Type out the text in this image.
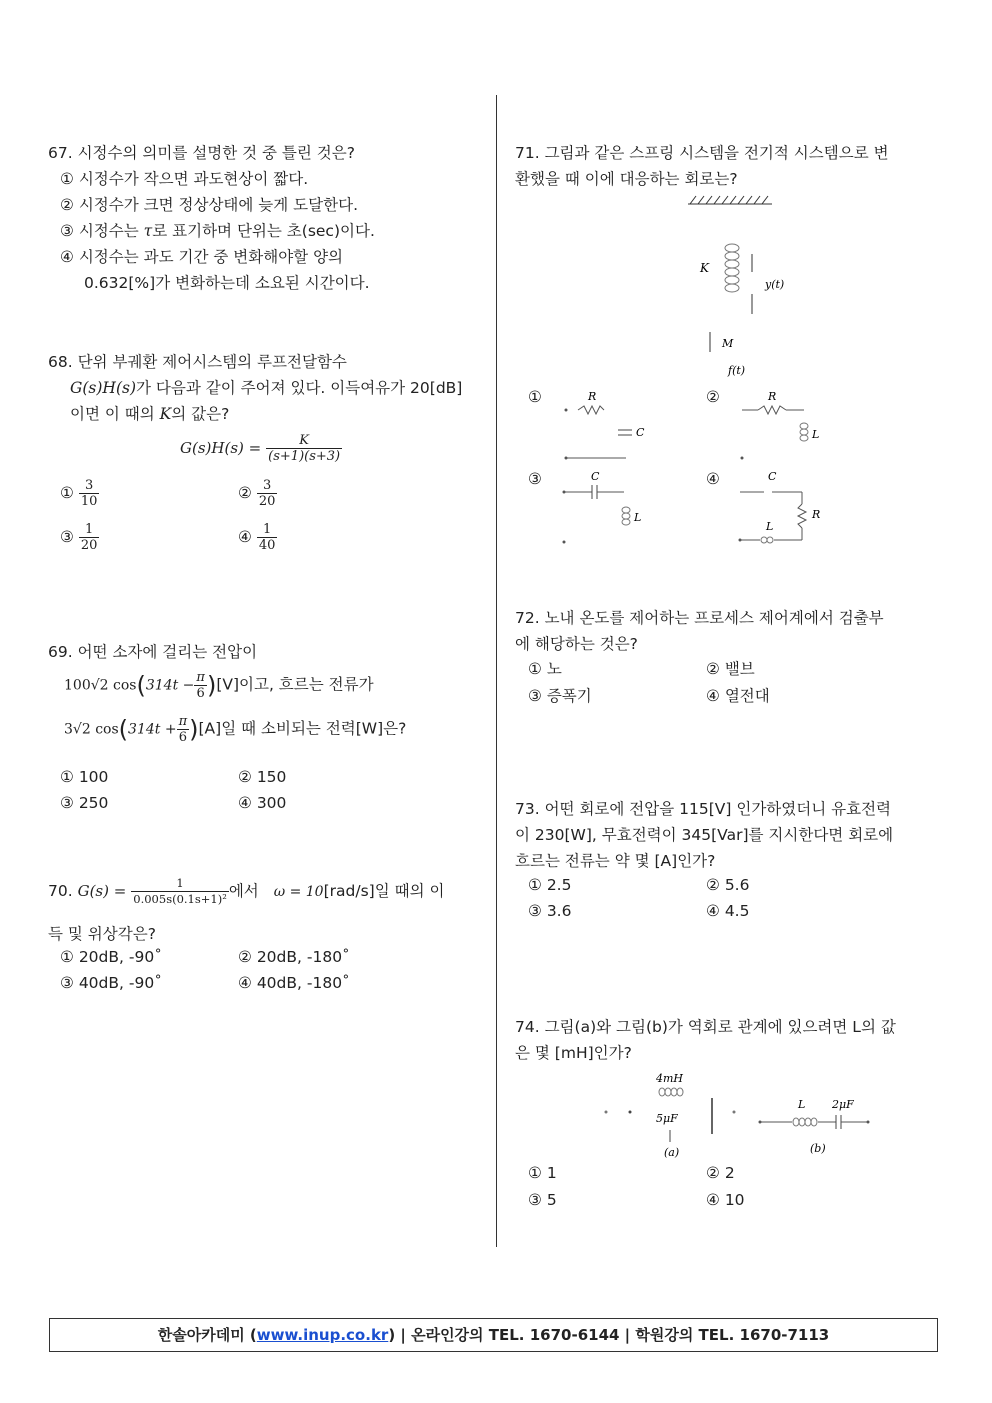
67. 시정수의 의미를 설명한 것 중 틀린 것은?
① 시정수가 작으면 과도현상이 짧다.
② 시정수가 크면 정상상태에 늦게 도달한다.
③ 시정수는 τ로 표기하며 단위는 초(sec)이다.
④ 시정수는 과도 기간 중 변화해야할 양의
0.632[%]가 변화하는데 소요된 시간이다.
68. 단위 부궤환 제어시스템의 루프전달함수
G(s)H(s)가 다음과 같이 주어져 있다. 이득여유가 20[dB]
이면 이 때의 K의 값은?
$G(s)H(s) = \frac{K}{(s+1)(s+3)}$
① $\frac{3}{10}$	② $\frac{3}{20}$
③ $\frac{1}{20}$	④ $\frac{1}{40}$
69. 어떤 소자에 걸리는 전압이
100√2 $\cos(314t - \frac{\pi}{6} )[V]$이고, 흐르는 전류가
3√2 $\cos(314t + \frac{\pi}{6} )[A]$일 때 소비되는 전력[W]은?
① 100	② 150
③ 250	④ 300
70. $G(s) = \frac{1}{\text{0.005s(0.1s+1)²}}$ 에서 ω = 10[rad/s]일 때의 이
득 및 위상각은?
① 20dB, -90˚	② 20dB, -180˚
③ 40dB, -90˚	④ 40dB, -180˚
71. 그림과 같은 스프링 시스템을 전기적 시스템으로 변
환했을 때 이에 대응하는 회로는?
K
y(t)
M
f(t)
①	R
C
②	R
L
③	C
L
④	C
R
L
72. 노내 온도를 제어하는 프로세스 제어계에서 검출부
에 해당하는 것은?
① 노	② 밸브
③ 증폭기	④ 열전대
73. 어떤 회로에 전압을 115[V] 인가하였더니 유효전력
이 230[W], 무효전력이 345[Var]를 지시한다면 회로에
흐르는 전류는 약 몇 [A]인가?
① 2.5	② 5.6
③ 3.6	④ 4.5
74. 그림(a)와 그림(b)가 역회로 관계에 있으려면 L의 값
은 몇 [mH]인가?
4mH
5μF
(a)
L 2μF
(b)
① 1	② 2
③ 5	④ 10
한솔아카데미 (www.inup.co.kr) | 온라인강의 TEL. 1670-6144 | 학원강의 TEL. 1670-7113
